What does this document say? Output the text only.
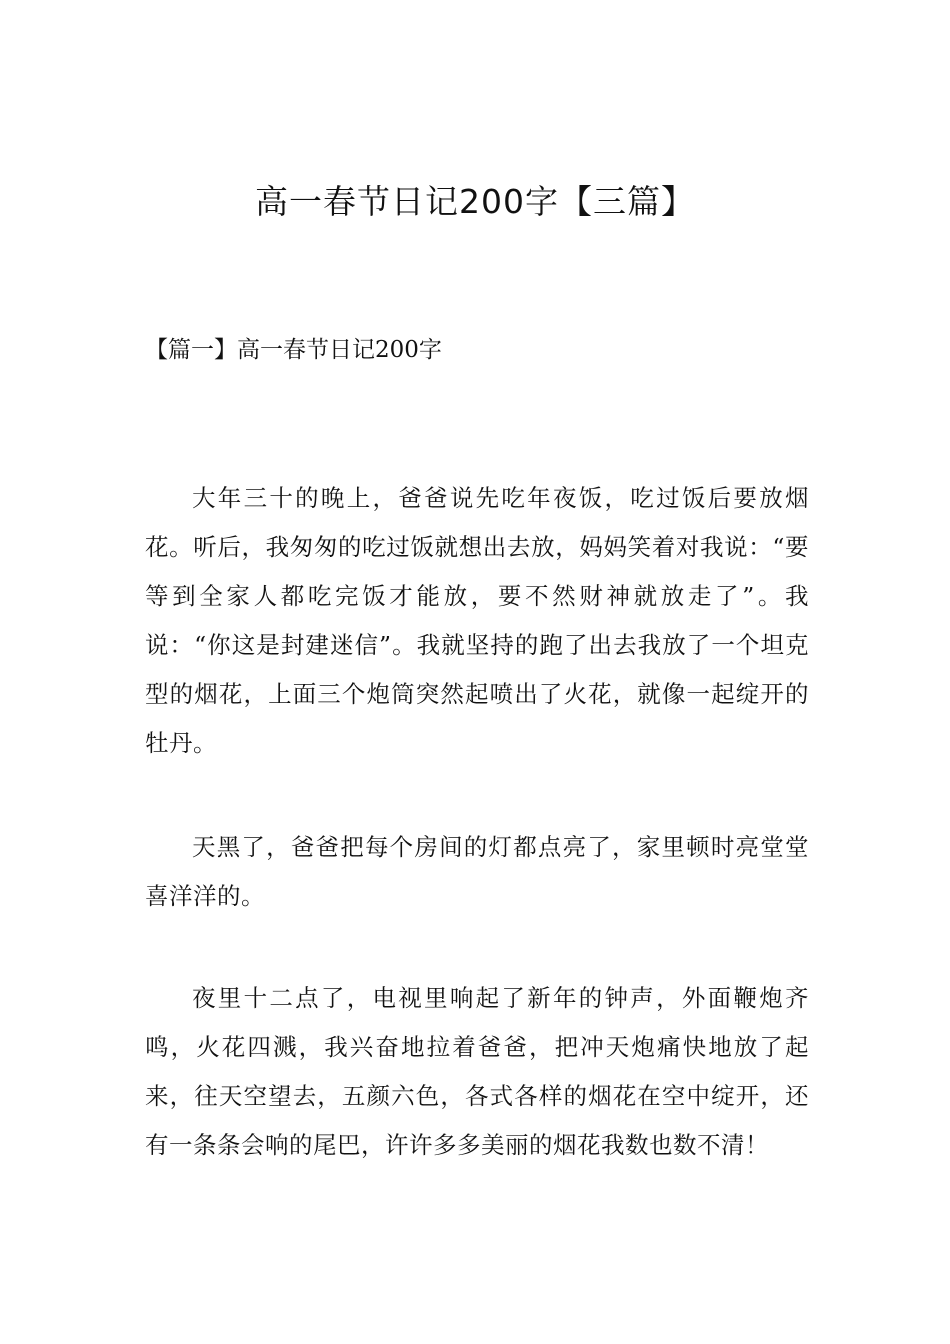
高一春节日记200字【三篇】
【篇一】高一春节日记200字

大年三十的晚上，爸爸说先吃年夜饭，吃过饭后要放烟花。听后，我匆匆的吃过饭就想出去放，妈妈笑着对我说：“要等到全家人都吃完饭才能放，要不然财神就放走了”。我说：“你这是封建迷信”。我就坚持的跑了出去我放了一个坦克型的烟花，上面三个炮筒突然起喷出了火花，就像一起绽开的牡丹。

天黑了，爸爸把每个房间的灯都点亮了，家里顿时亮堂堂喜洋洋的。

夜里十二点了，电视里响起了新年的钟声，外面鞭炮齐鸣，火花四溅，我兴奋地拉着爸爸，把冲天炮痛快地放了起来，往天空望去，五颜六色，各式各样的烟花在空中绽开，还有一条条会响的尾巴，许许多多美丽的烟花我数也数不清！
